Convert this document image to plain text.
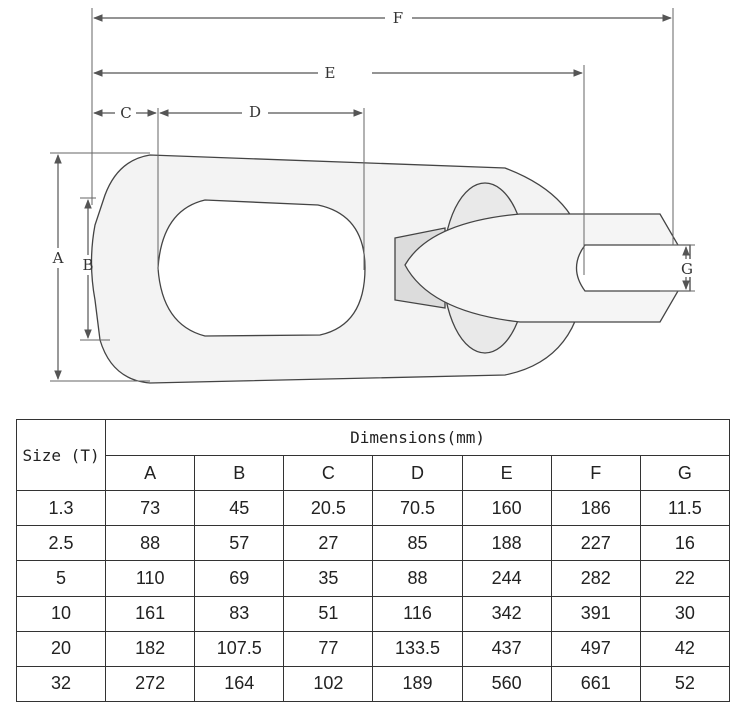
F
E
C	D
A B	G
Size (T)	Dimensions(mm)						
	A	B	C	D	E	F	G
1.3	73	45	20.5	70.5	160	186	11.5
2.5	88	57	27	85	188	227	16
5	110	69	35	88	244	282	22
10	161	83	51	116	342	391	30
20	182	107.5	77	133.5	437	497	42
32	272	164	102	189	560	661	52
